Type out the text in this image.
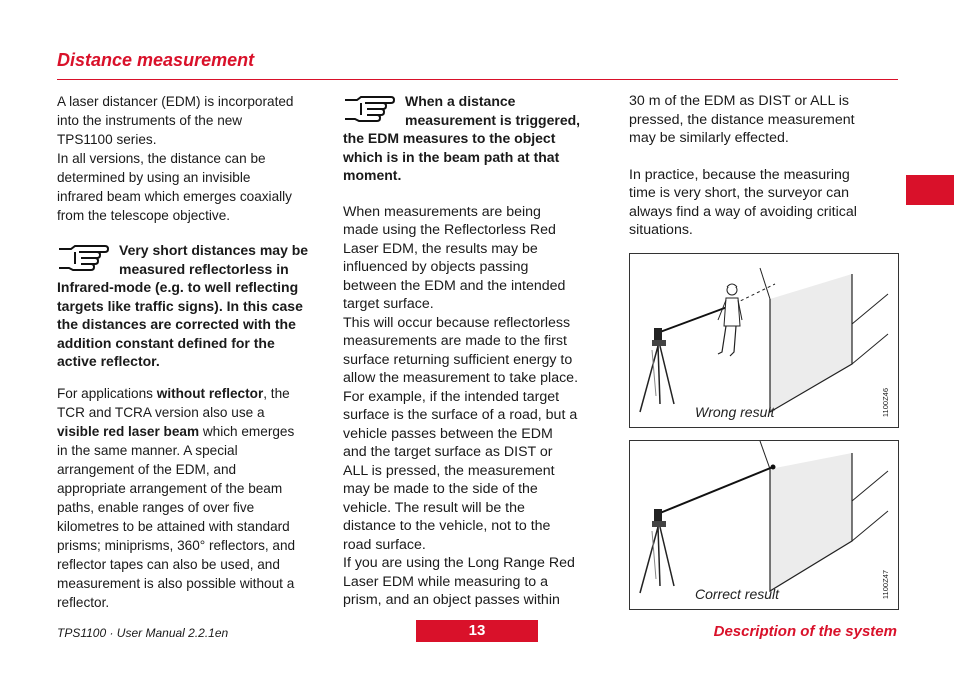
Distance measurement
A laser distancer (EDM) is incorporated
into the instruments of the new
TPS1100 series.
In all versions, the distance can be
determined by using an invisible
infrared beam which emerges coaxially
from the telescope objective.
Very short distances may be
measured reflectorless in
Infrared-mode (e.g. to well reflecting
targets like traffic signs). In this case
the distances are corrected with the
addition constant defined for the
active reflector.
For applications without reflector, the
TCR and TCRA version also use a
visible red laser beam which emerges
in the same manner. A special
arrangement of the EDM, and
appropriate arrangement of the beam
paths, enable ranges of over five
kilometres to be attained with standard
prisms; miniprisms, 360° reflectors, and
reflector tapes can also be used, and
measurement is also possible without a
reflector.
When a distance
measurement is triggered,
the EDM measures to the object
which is in the beam path at that
moment.
When measurements are being
made using the Reflectorless Red
Laser EDM, the results may be
influenced by objects passing
between the EDM and the intended
target surface.
This will occur because reflectorless
measurements are made to the first
surface returning sufficient energy to
allow the measurement to take place.
For example, if the intended target
surface is the surface of a road, but a
vehicle passes between the EDM
and the target surface as DIST or
ALL is pressed, the measurement
may be made to the side of the
vehicle. The result will be the
distance to the vehicle, not to the
road surface.
If you are using the Long Range Red
Laser EDM while measuring to a
prism, and an object passes within
30 m of the EDM as DIST or ALL is
pressed, the distance measurement
may be similarly effected.
In practice, because the measuring
time is very short, the surveyor can
always find a way of avoiding critical
situations.
Wrong result	1100Z46
Correct result	1100Z47
TPS1100 · User Manual 2.2.1en	13	Description of the system
